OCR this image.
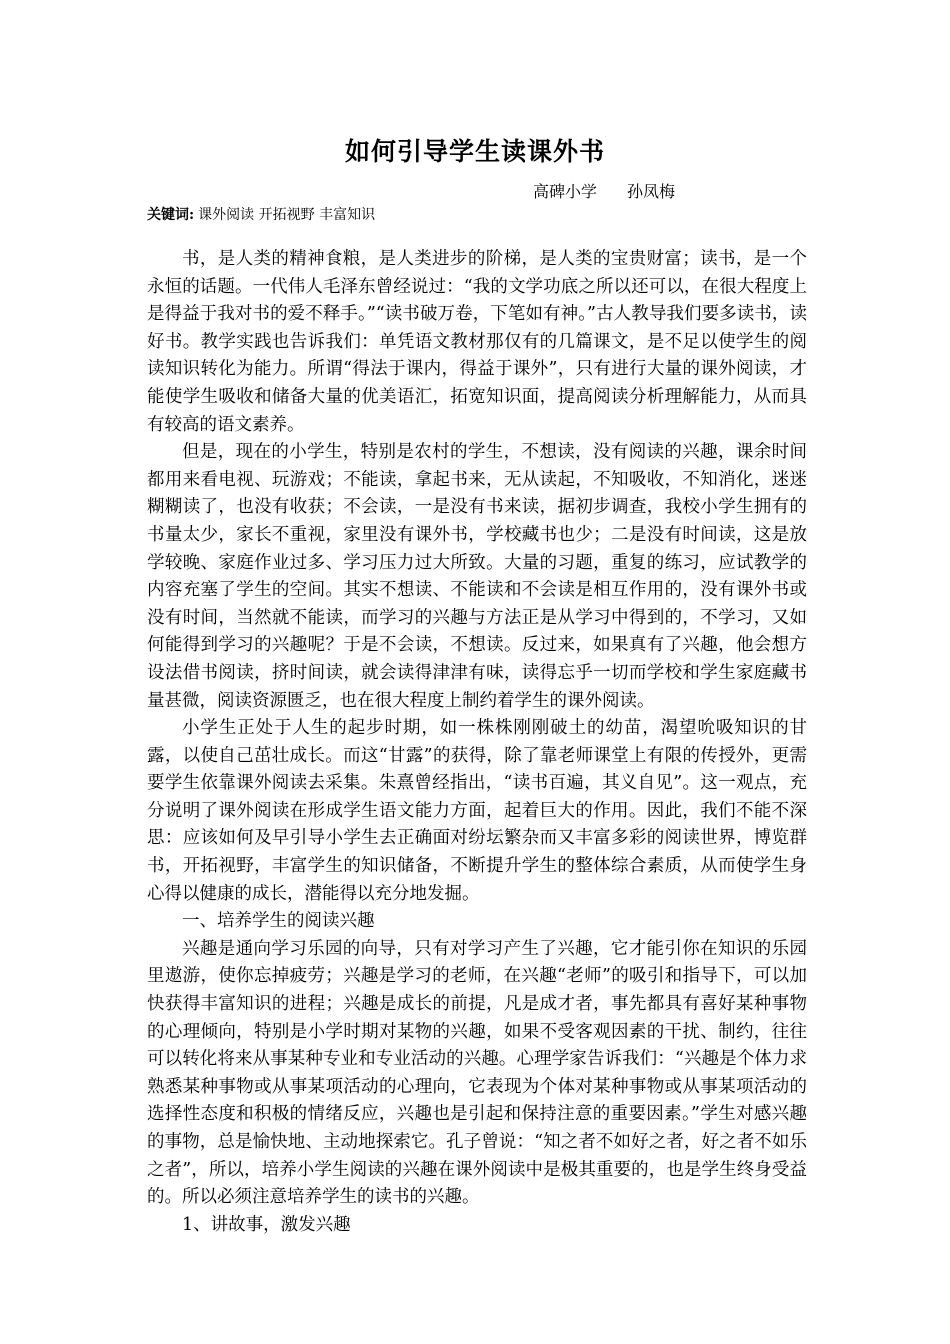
如何引导学生读课外书
高碑小学 孙凤梅
关键词: 课外阅读 开拓视野 丰富知识

书，是人类的精神食粮，是人类进步的阶梯，是人类的宝贵财富；读书，是一个永恒的话题。一代伟人毛泽东曾经说过：“我的文学功底之所以还可以，在很大程度上是得益于我对书的爱不释手。”“读书破万卷，下笔如有神。”古人教导我们要多读书，读好书。教学实践也告诉我们：单凭语文教材那仅有的几篇课文，是不足以使学生的阅读知识转化为能力。所谓“得法于课内，得益于课外”，只有进行大量的课外阅读，才能使学生吸收和储备大量的优美语汇，拓宽知识面，提高阅读分析理解能力，从而具有较高的语文素养。

但是，现在的小学生，特别是农村的学生，不想读，没有阅读的兴趣，课余时间都用来看电视、玩游戏；不能读，拿起书来，无从读起，不知吸收，不知消化，迷迷糊糊读了，也没有收获；不会读，一是没有书来读，据初步调查，我校小学生拥有的书量太少，家长不重视，家里没有课外书，学校藏书也少；二是没有时间读，这是放学较晚、家庭作业过多、学习压力过大所致。大量的习题，重复的练习，应试教学的内容充塞了学生的空间。其实不想读、不能读和不会读是相互作用的，没有课外书或没有时间，当然就不能读，而学习的兴趣与方法正是从学习中得到的，不学习，又如何能得到学习的兴趣呢？于是不会读，不想读。反过来，如果真有了兴趣，他会想方设法借书阅读，挤时间读，就会读得津津有味，读得忘乎一切而学校和学生家庭藏书量甚微，阅读资源匮乏，也在很大程度上制约着学生的课外阅读。

小学生正处于人生的起步时期，如一株株刚刚破土的幼苗，渴望吮吸知识的甘露，以使自己茁壮成长。而这“甘露”的获得，除了靠老师课堂上有限的传授外，更需要学生依靠课外阅读去采集。朱熹曾经指出，“读书百遍，其义自见”。这一观点，充分说明了课外阅读在形成学生语文能力方面，起着巨大的作用。因此，我们不能不深思：应该如何及早引导小学生去正确面对纷坛繁杂而又丰富多彩的阅读世界，博览群书，开拓视野，丰富学生的知识储备，不断提升学生的整体综合素质，从而使学生身心得以健康的成长，潜能得以充分地发掘。

一、培养学生的阅读兴趣

兴趣是通向学习乐园的向导，只有对学习产生了兴趣，它才能引你在知识的乐园里遨游，使你忘掉疲劳；兴趣是学习的老师，在兴趣“老师”的吸引和指导下，可以加快获得丰富知识的进程；兴趣是成长的前提，凡是成才者，事先都具有喜好某种事物的心理倾向，特别是小学时期对某物的兴趣，如果不受客观因素的干扰、制约，往往可以转化将来从事某种专业和专业活动的兴趣。心理学家告诉我们：“兴趣是个体力求熟悉某种事物或从事某项活动的心理向，它表现为个体对某种事物或从事某项活动的选择性态度和积极的情绪反应，兴趣也是引起和保持注意的重要因素。”学生对感兴趣的事物，总是愉快地、主动地探索它。孔子曾说：“知之者不如好之者，好之者不如乐之者”，所以，培养小学生阅读的兴趣在课外阅读中是极其重要的，也是学生终身受益的。所以必须注意培养学生的读书的兴趣。

1、讲故事，激发兴趣
